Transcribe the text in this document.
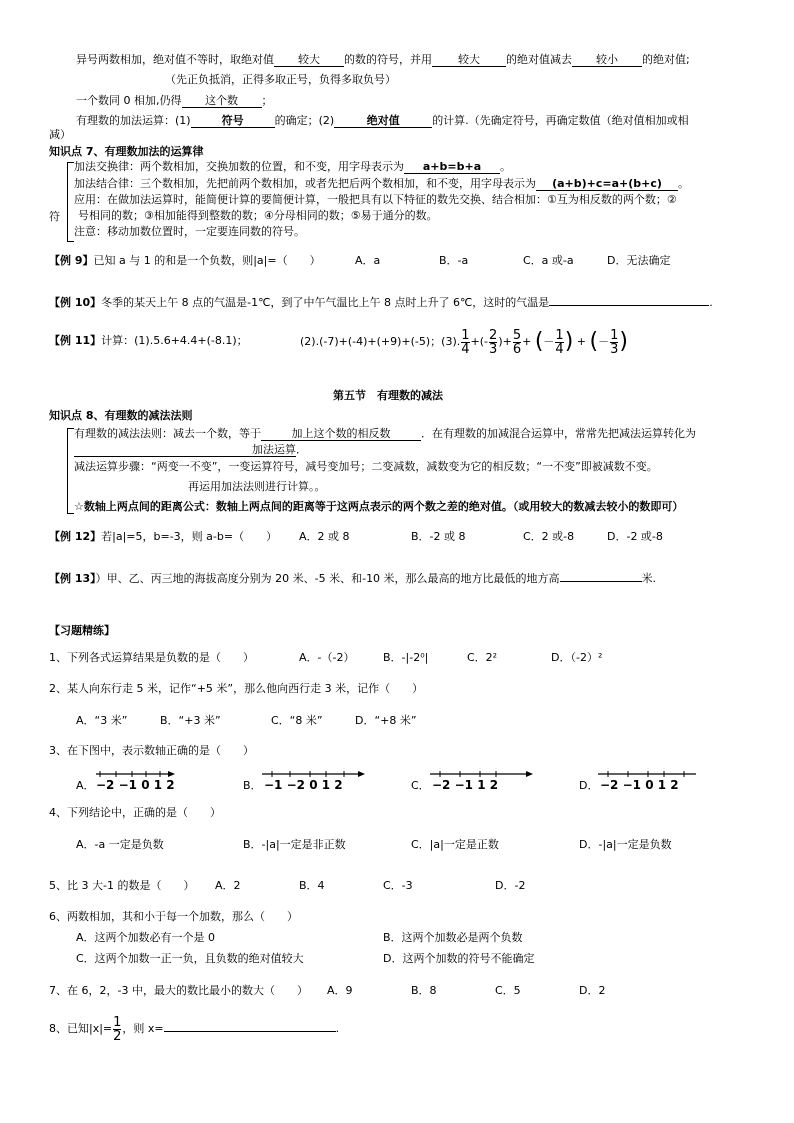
异号两数相加，绝对值不等时，取绝对值 较大 的数的符号，并用 较大 的绝对值减去 较小 的绝对值;
（先正负抵消，正得多取正号，负得多取负号）
一个数同 0 相加,仍得 这个数 ；
有理数的加法运算：(1)	符号	的确定；(2)	绝对值	的计算.（先确定符号，再确定数值（绝对值相加或相
减）
知识点 7、有理数加法的运算律
符
加法交换律：两个数相加，交换加数的位置，和不变，用字母表示为 a+b=b+a 。
加法结合律：三个数相加，先把前两个数相加，或者先把后两个数相加，和不变，用字母表示为 (a+b)+c=a+(b+c) 。
应用：在做加法运算时，能简便计算的要简便计算，一般把具有以下特征的数先交换、结合相加：①互为相反数的两个数；②
号相同的数；③相加能得到整数的数；④分母相同的数；⑤易于通分的数。
注意：移动加数位置时，一定要连同数的符号。
【例 9】已知 a 与 1 的和是一个负数，则|a|=（　　）	A．a	B．-a	C．a 或-a	D．无法确定
【例 10】冬季的某天上午 8 点的气温是-1℃，到了中午气温比上午 8 点时上升了 6℃，这时的气温是	.
【例 11】计算：(1).5.6+4.4+(-8.1)；	(2).(-7)+(-4)+(+9)+(-5)；(3). $\frac{1}{4}$ +(- $\frac{2}{3}$ )+ $\frac{5}{6}$ + (－ $\frac{1}{4}$ ) + (－ $\frac{1}{3}$ )
第五节　有理数的减法
知识点 8、有理数的减法法则
有理数的减法法则：减去一个数，等于	加上这个数的相反数	．在有理数的加减混合运算中，常常先把减法运算转化为
加法运算．
减法运算步骤：“两变一不变”，一变运算符号，减号变加号；二变减数，减数变为它的相反数；“一不变”即被减数不变。
再运用加法法则进行计算。。
☆数轴上两点间的距离公式：数轴上两点间的距离等于这两点表示的两个数之差的绝对值。（或用较大的数减去较小的数即可）
【例 12】若|a|=5，b=-3，则 a-b=（　　） A．2 或 8	B．-2 或 8	C．2 或-8	D．-2 或-8
【例 13】）甲、乙、丙三地的海拔高度分别为 20 米、-5 米、和-10 米，那么最高的地方比最低的地方高	米.
【习题精练】
1、下列各式运算结果是负数的是（　　）	A．-（-2）	B．-|-2⁰|	C．2²	D．（-2）²
2、某人向东行走 5 米，记作“+5 米”，那么他向西行走 3 米，记作（　　）
A．“3 米”	B．“+3 米”	C．“8 米”	D．“+8 米”
3、在下图中，表示数轴正确的是（　　）
A． −2 −1 0 1 2	B． −1 −2 0 1 2	C． −2 −1 1 2	D． −2 −1 0 1 2
4、下列结论中，正确的是（　　）
A．-a 一定是负数	B．-|a|一定是非正数	C．|a|一定是正数	D．-|a|一定是负数
5、比 3 大-1 的数是（　　） A．2	B．4	C．-3	D．-2
6、两数相加，其和小于每一个加数，那么（　　）
A．这两个加数必有一个是 0	B．这两个加数必是两个负数
C．这两个加数一正一负，且负数的绝对值较大	D．这两个加数的符号不能确定
7、在 6，2，-3 中，最大的数比最小的数大（　　） A．9	B．8	C．5	D．2
8、已知$|x|= \frac{1}{2}$ ，则 x=	.
